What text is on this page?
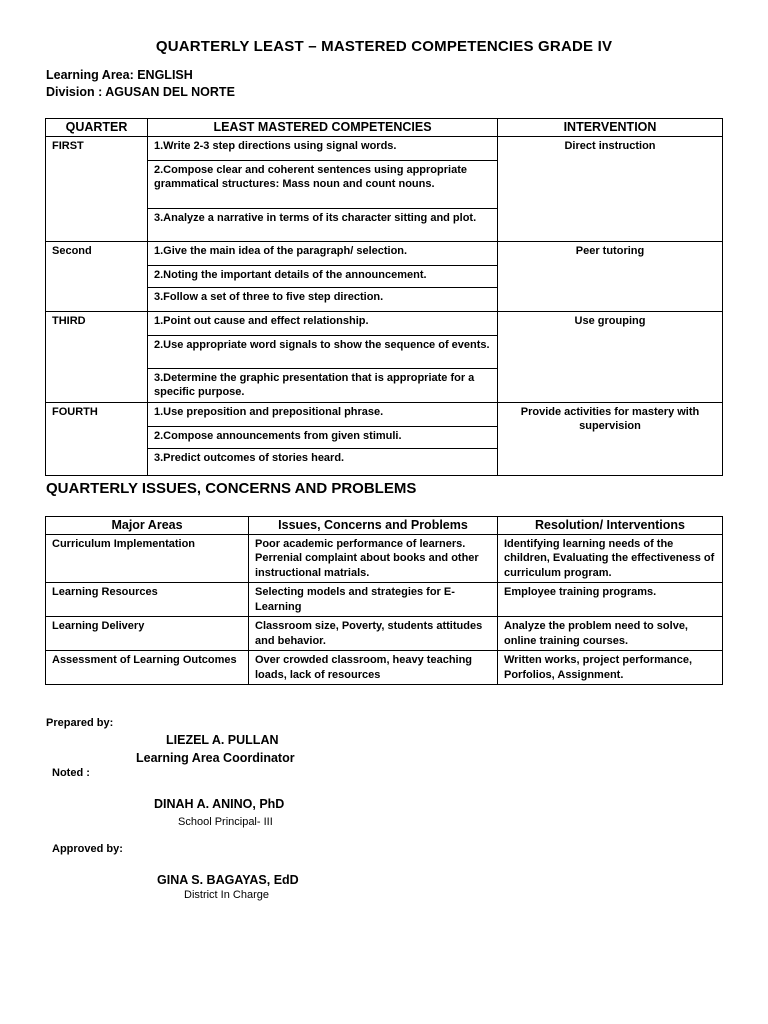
QUARTERLY LEAST – MASTERED COMPETENCIES GRADE IV
Learning Area: ENGLISH
Division : AGUSAN DEL NORTE
QUARTER	LEAST MASTERED COMPETENCIES	INTERVENTION
FIRST	1.Write 2-3 step directions using signal words.	Direct instruction
	2.Compose clear and coherent sentences using appropriate grammatical structures: Mass noun and count nouns.	
	3.Analyze a narrative in terms of its character sitting and plot.	
Second	1.Give the main idea of the paragraph/ selection.	Peer tutoring
	2.Noting the important details of the announcement.	
	3.Follow a set of three to five step direction.	
THIRD	1.Point out cause and effect relationship.	Use grouping
	2.Use appropriate word signals to show the sequence of events.	
	3.Determine the graphic presentation that is appropriate for a specific purpose.	
FOURTH	1.Use preposition and prepositional phrase.	Provide activities for mastery with supervision
	2.Compose announcements from given stimuli.	
	3.Predict outcomes of stories heard.	
QUARTERLY ISSUES, CONCERNS AND PROBLEMS
Major Areas	Issues, Concerns and Problems	Resolution/ Interventions
Curriculum Implementation	Poor academic performance of learners. Perrenial complaint about books and other instructional matrials.	Identifying learning needs of the children, Evaluating the effectiveness of curriculum program.
Learning Resources	Selecting models and strategies for E-Learning	Employee training programs.
Learning Delivery	Classroom size, Poverty, students attitudes and behavior.	Analyze the problem need to solve, online training courses.
Assessment of Learning Outcomes	Over crowded classroom, heavy teaching loads, lack of resources	Written works, project performance, Porfolios, Assignment.
Prepared by:
LIEZEL A. PULLAN
Learning Area Coordinator
Noted :
DINAH A. ANINO, PhD
School Principal- III
Approved by:
GINA S. BAGAYAS, EdD
District In Charge
